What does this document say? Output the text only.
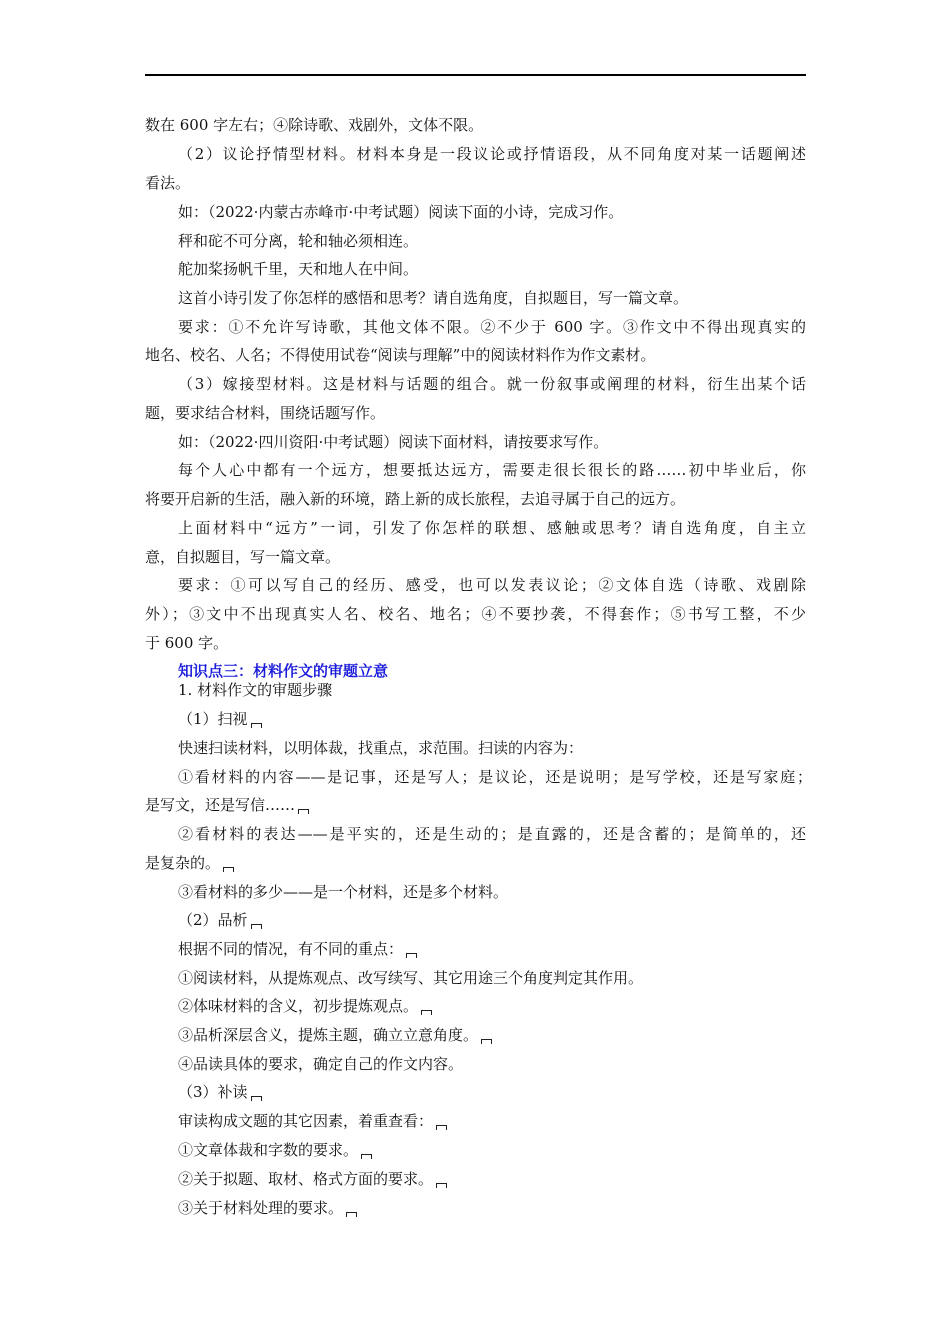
数在 600 字左右；④除诗歌、戏剧外，文体不限。
（2）议论抒情型材料。材料本身是一段议论或抒情语段，从不同角度对某一话题阐述
看法。
如：（2022·内蒙古赤峰市·中考试题）阅读下面的小诗，完成习作。
秤和砣不可分离，轮和轴必须相连。
舵加桨扬帆千里，天和地人在中间。
这首小诗引发了你怎样的感悟和思考？请自选角度，自拟题目，写一篇文章。
要求：①不允许写诗歌，其他文体不限。②不少于 600 字。③作文中不得出现真实的
地名、校名、人名；不得使用试卷“阅读与理解”中的阅读材料作为作文素材。
（3）嫁接型材料。这是材料与话题的组合。就一份叙事或阐理的材料，衍生出某个话
题，要求结合材料，围绕话题写作。
如：（2022·四川资阳·中考试题）阅读下面材料，请按要求写作。
每个人心中都有一个远方，想要抵达远方，需要走很长很长的路……初中毕业后，你
将要开启新的生活，融入新的环境，踏上新的成长旅程，去追寻属于自己的远方。
上面材料中“远方”一词，引发了你怎样的联想、感触或思考？请自选角度，自主立
意，自拟题目，写一篇文章。
要求：①可以写自己的经历、感受，也可以发表议论；②文体自选（诗歌、戏剧除
外）；③文中不出现真实人名、校名、地名；④不要抄袭，不得套作；⑤书写工整，不少
于 600 字。
知识点三：材料作文的审题立意
1. 材料作文的审题步骤
（1）扫视
快速扫读材料，以明体裁，找重点，求范围。扫读的内容为：
①看材料的内容——是记事，还是写人；是议论，还是说明；是写学校，还是写家庭；
是写文，还是写信……
②看材料的表达——是平实的，还是生动的；是直露的，还是含蓄的；是简单的，还
是复杂的。
③看材料的多少——是一个材料，还是多个材料。
（2）品析
根据不同的情况，有不同的重点：
①阅读材料，从提炼观点、改写续写、其它用途三个角度判定其作用。
②体味材料的含义，初步提炼观点。
③品析深层含义，提炼主题，确立立意角度。
④品读具体的要求，确定自己的作文内容。
（3）补读
审读构成文题的其它因素，着重查看：
①文章体裁和字数的要求。
②关于拟题、取材、格式方面的要求。
③关于材料处理的要求。
